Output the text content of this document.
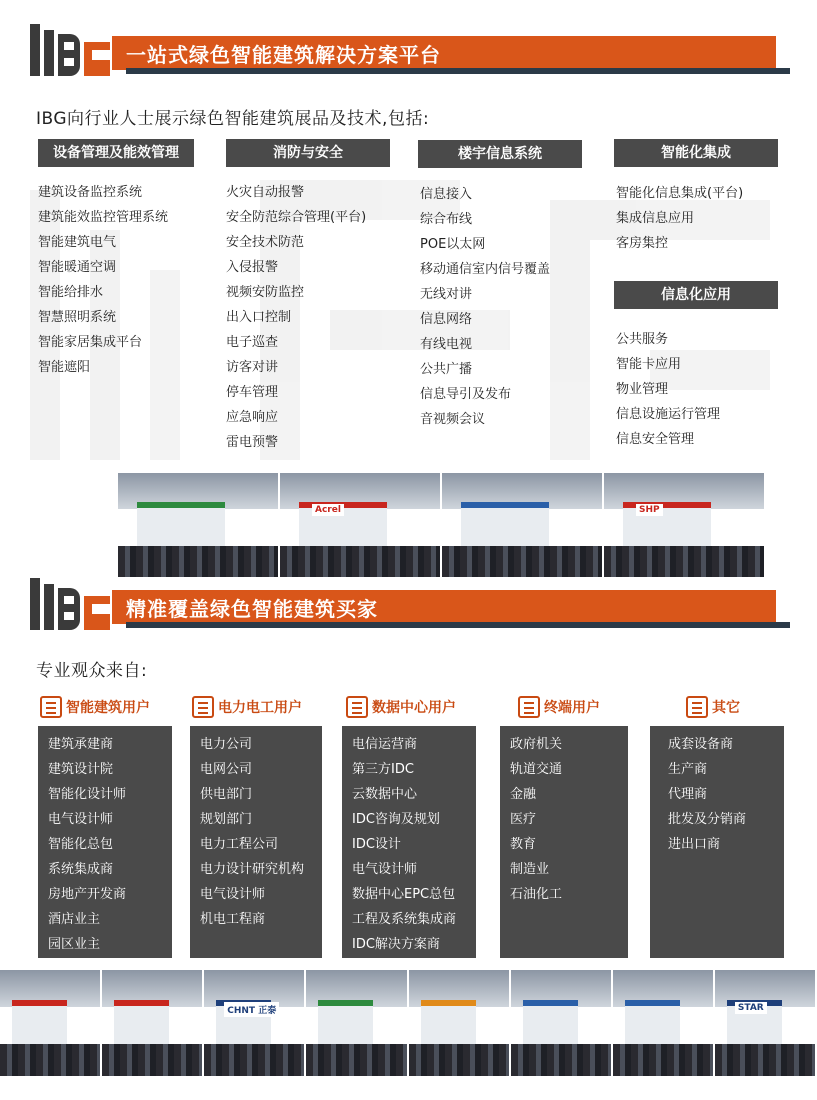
一站式绿色智能建筑解决方案平台
IBG向行业人士展示绿色智能建筑展品及技术,包括:
设备管理及能效管理
建筑设备监控系统
建筑能效监控管理系统
智能建筑电气
智能暖通空调
智能给排水
智慧照明系统
智能家居集成平台
智能遮阳
消防与安全
火灾自动报警
安全防范综合管理(平台)
安全技术防范
入侵报警
视频安防监控
出入口控制
电子巡查
访客对讲
停车管理
应急响应
雷电预警
楼宇信息系统
信息接入
综合布线
POE以太网
移动通信室内信号覆盖
无线对讲
信息网络
有线电视
公共广播
信息导引及发布
音视频会议
智能化集成
智能化信息集成(平台)
集成信息应用
客房集控
信息化应用
公共服务
智能卡应用
物业管理
信息设施运行管理
信息安全管理
Acrel	SHP
精准覆盖绿色智能建筑买家
专业观众来自:
智能建筑用户
建筑承建商
建筑设计院
智能化设计师
电气设计师
智能化总包
系统集成商
房地产开发商
酒店业主
园区业主
电力电工用户
电力公司
电网公司
供电部门
规划部门
电力工程公司
电力设计研究机构
电气设计师
机电工程商
数据中心用户
电信运营商
第三方IDC
云数据中心
IDC咨询及规划
IDC设计
电气设计师
数据中心EPC总包
工程及系统集成商
IDC解决方案商
终端用户
政府机关
轨道交通
金融
医疗
教育
制造业
石油化工
其它
成套设备商
生产商
代理商
批发及分销商
进出口商
CHNT 正泰	STAR
